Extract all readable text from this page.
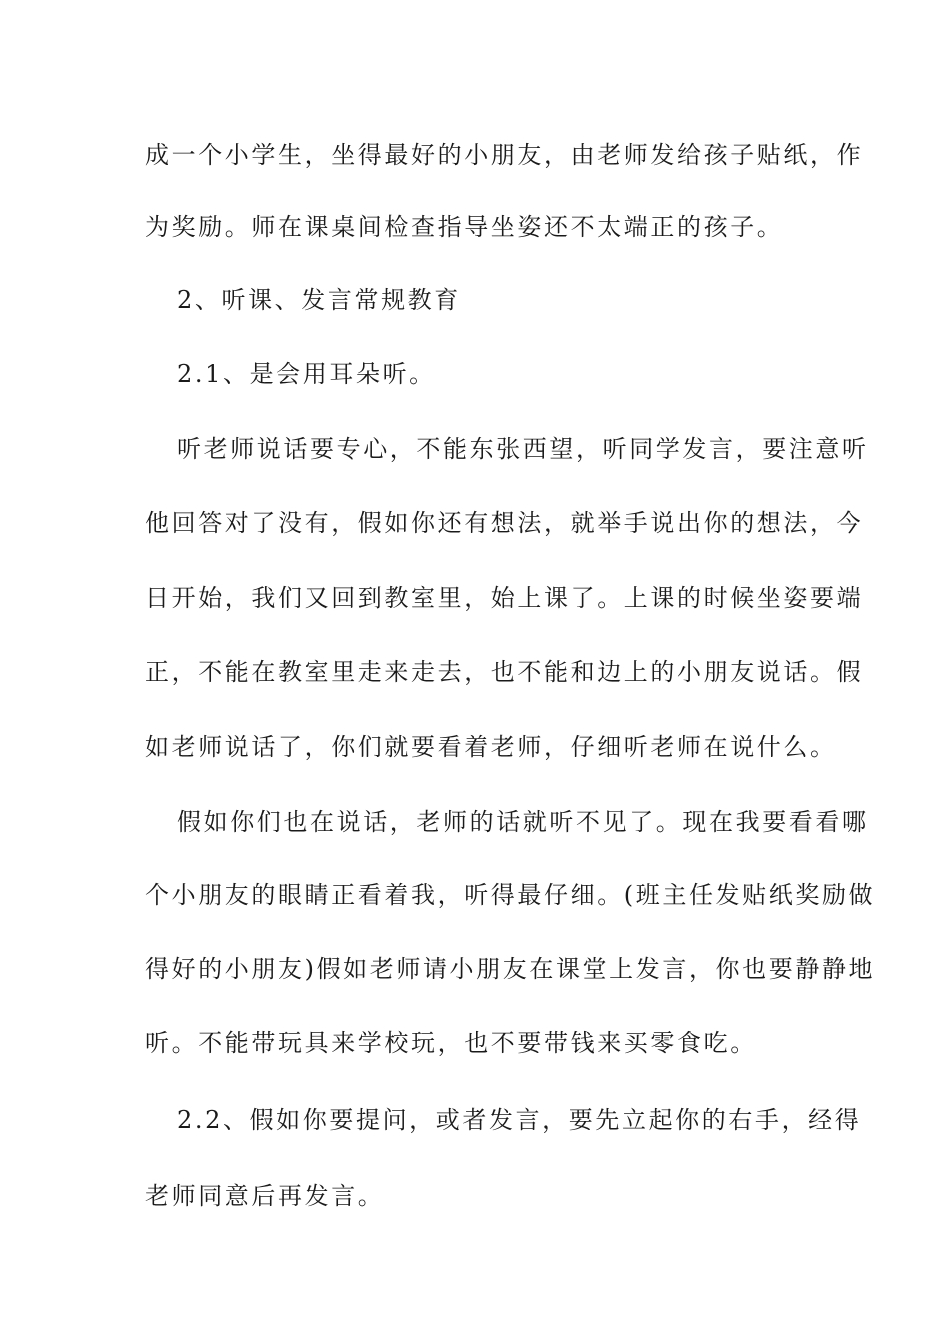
成一个小学生，坐得最好的小朋友，由老师发给孩子贴纸，作
为奖励。师在课桌间检查指导坐姿还不太端正的孩子。
2、听课、发言常规教育
2.1、是会用耳朵听。
听老师说话要专心，不能东张西望，听同学发言，要注意听
他回答对了没有，假如你还有想法，就举手说出你的想法，今
日开始，我们又回到教室里，始上课了。上课的时候坐姿要端
正，不能在教室里走来走去，也不能和边上的小朋友说话。假
如老师说话了，你们就要看着老师，仔细听老师在说什么。
假如你们也在说话，老师的话就听不见了。现在我要看看哪
个小朋友的眼睛正看着我，听得最仔细。(班主任发贴纸奖励做
得好的小朋友)假如老师请小朋友在课堂上发言，你也要静静地
听。不能带玩具来学校玩，也不要带钱来买零食吃。
2.2、假如你要提问，或者发言，要先立起你的右手，经得
老师同意后再发言。
